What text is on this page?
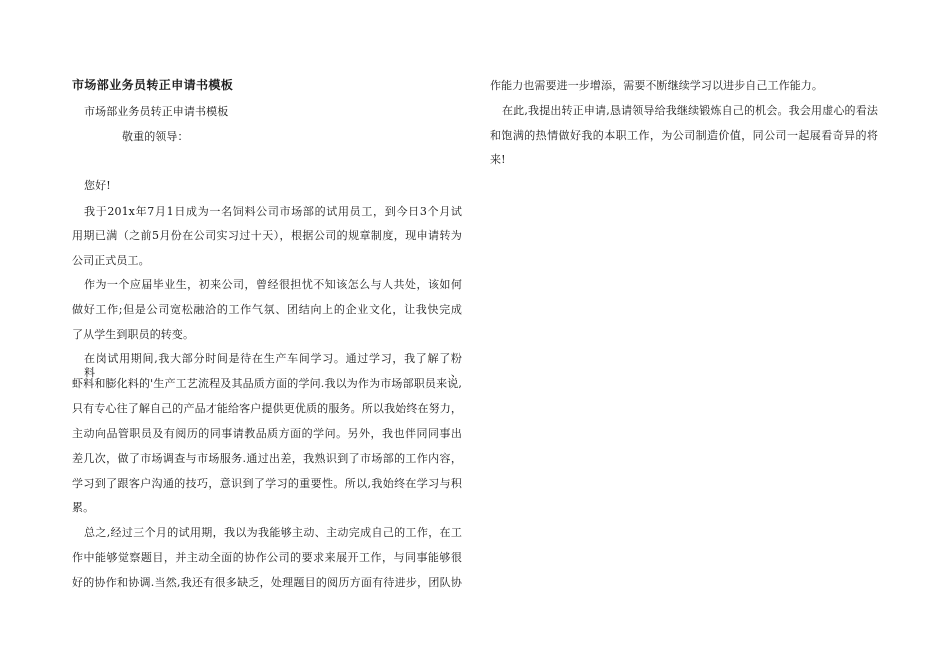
市场部业务员转正申请书模板
市场部业务员转正申请书模板
敬重的领导：
您好!
我于201x年7月1日成为一名饲料公司市场部的试用员工，到今日3个月试
用期已满（之前5月份在公司实习过十天），根据公司的规章制度，现申请转为
公司正式员工。
作为一个应届毕业生，初来公司，曾经很担忧不知该怎么与人共处，该如何
做好工作;但是公司宽松融洽的工作气氛、团结向上的企业文化，让我快完成
了从学生到职员的转变。
在岗试用期间,我大部分时间是待在生产车间学习。通过学习，我了解了粉料、
虾料和膨化料的'生产工艺流程及其品质方面的学问.我以为作为市场部职员来说,
只有专心往了解自己的产品才能给客户提供更优质的服务。所以我始终在努力，
主动向品管职员及有阅历的同事请教品质方面的学问。另外，我也伴同同事出
差几次，做了市场调查与市场服务.通过出差，我熟识到了市场部的工作内容，
学习到了跟客户沟通的技巧，意识到了学习的重要性。所以,我始终在学习与积
累。
总之,经过三个月的试用期，我以为我能够主动、主动完成自己的工作，在工
作中能够觉察题目，并主动全面的协作公司的要求来展开工作，与同事能够很
好的协作和协调.当然,我还有很多缺乏，处理题目的阅历方面有待进步，团队协
作能力也需要进一步增添，需要不断继续学习以进步自己工作能力。
在此,我提出转正申请,恳请领导给我继续锻炼自己的机会。我会用虚心的看法
和饱满的热情做好我的本职工作，为公司制造价值，同公司一起展看奇异的将
来!
